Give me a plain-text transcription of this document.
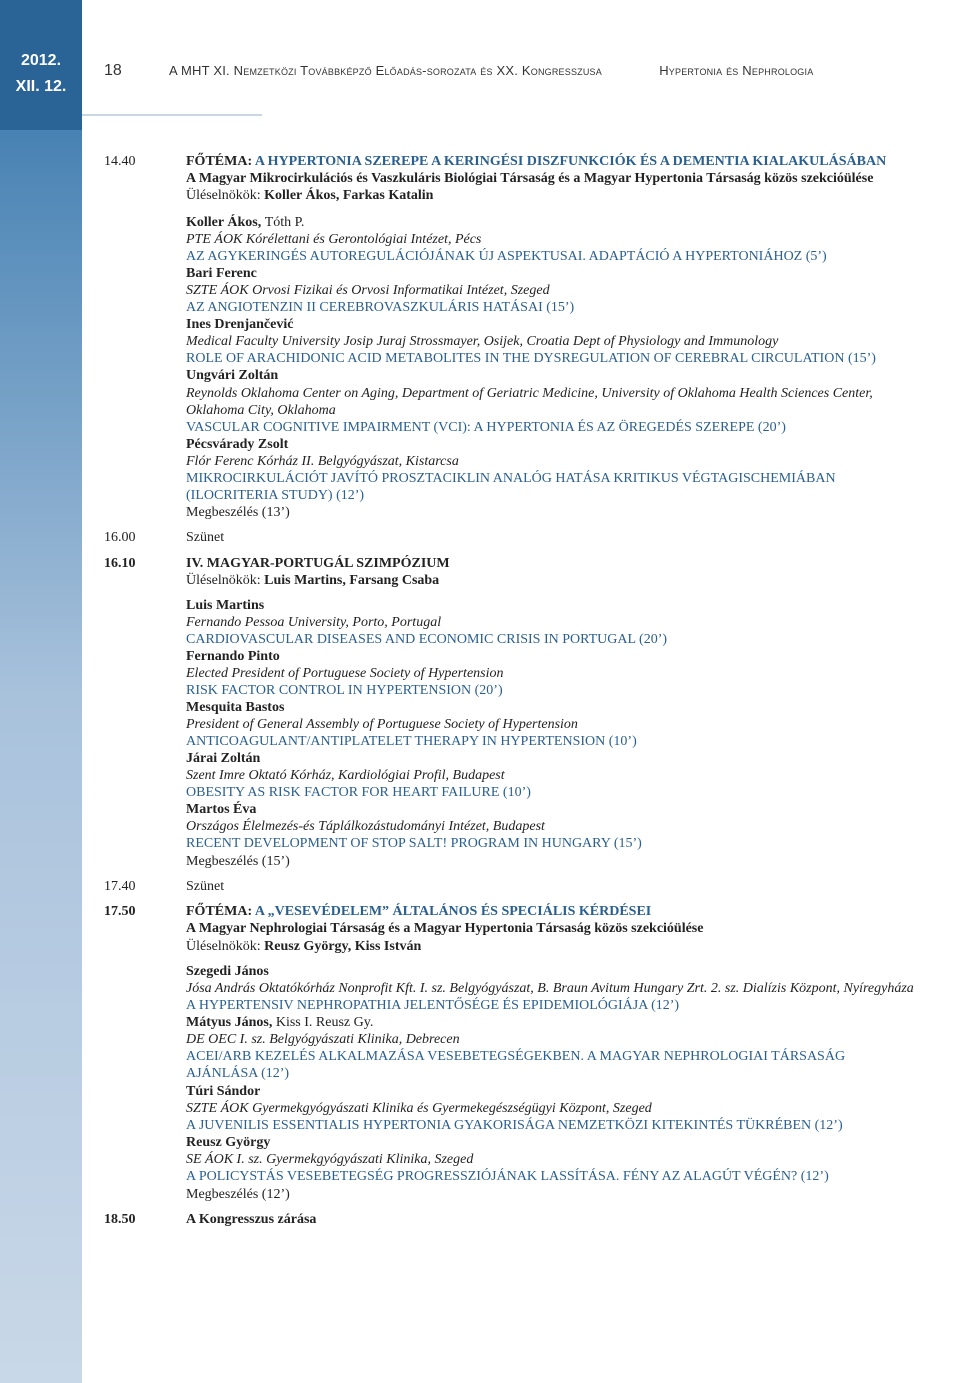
2012.
XII. 12.
18	A MHT XI. Nemzetközi Továbbképző Előadás-sorozata és XX. Kongresszusa	Hypertonia és Nephrologia
14.40	FŐTÉMA: A HYPERTONIA SZEREPE A KERINGÉSI DISZFUNKCIÓK ÉS A DEMENTIA KIALAKULÁSÁBAN
A Magyar Mikrocirkulációs és Vaszkuláris Biológiai Társaság és a Magyar Hypertonia Társaság közös szekcióülése
Üléselnökök: Koller Ákos, Farkas Katalin
Koller Ákos, Tóth P.
PTE ÁOK Kórélettani és Gerontológiai Intézet, Pécs
AZ AGYKERINGÉS AUTOREGULÁCIÓJÁNAK ÚJ ASPEKTUSAI. ADAPTÁCIÓ A HYPERTONIÁHOZ (5’)
Bari Ferenc
SZTE ÁOK Orvosi Fizikai és Orvosi Informatikai Intézet, Szeged
AZ ANGIOTENZIN II CEREBROVASZKULÁRIS HATÁSAI (15’)
Ines Drenjančević
Medical Faculty University Josip Juraj Strossmayer, Osijek, Croatia Dept of Physiology and Immunology
ROLE OF ARACHIDONIC ACID METABOLITES IN THE DYSREGULATION OF CEREBRAL CIRCULATION (15’)
Ungvári Zoltán
Reynolds Oklahoma Center on Aging, Department of Geriatric Medicine, University of Oklahoma Health Sciences Center,
Oklahoma City, Oklahoma
VASCULAR COGNITIVE IMPAIRMENT (VCI): A HYPERTONIA ÉS AZ ÖREGEDÉS SZEREPE (20’)
Pécsvárady Zsolt
Flór Ferenc Kórház II. Belgyógyászat, Kistarcsa
MIKROCIRKULÁCIÓT JAVÍTÓ PROSZTACIKLIN ANALÓG HATÁSA KRITIKUS VÉGTAGISCHEMIÁBAN
(ILOCRITERIA STUDY) (12’)
Megbeszélés (13’)
16.00	Szünet
16.10	IV. MAGYAR-PORTUGÁL SZIMPÓZIUM
Üléselnökök: Luis Martins, Farsang Csaba
Luis Martins
Fernando Pessoa University, Porto, Portugal
CARDIOVASCULAR DISEASES AND ECONOMIC CRISIS IN PORTUGAL (20’)
Fernando Pinto
Elected President of Portuguese Society of Hypertension
RISK FACTOR CONTROL IN HYPERTENSION (20’)
Mesquita Bastos
President of General Assembly of Portuguese Society of Hypertension
ANTICOAGULANT/ANTIPLATELET THERAPY IN HYPERTENSION (10’)
Járai Zoltán
Szent Imre Oktató Kórház, Kardiológiai Profil, Budapest
OBESITY AS RISK FACTOR FOR HEART FAILURE (10’)
Martos Éva
Országos Élelmezés-és Táplálkozástudományi Intézet, Budapest
RECENT DEVELOPMENT OF STOP SALT! PROGRAM IN HUNGARY (15’)
Megbeszélés (15’)
17.40	Szünet
17.50	FŐTÉMA: A „VESEVÉDELEM” ÁLTALÁNOS ÉS SPECIÁLIS KÉRDÉSEI
A Magyar Nephrologiai Társaság és a Magyar Hypertonia Társaság közös szekcióülése
Üléselnökök: Reusz György, Kiss István
Szegedi János
Jósa András Oktatókórház Nonprofit Kft. I. sz. Belgyógyászat, B. Braun Avitum Hungary Zrt. 2. sz. Dialízis Központ, Nyíregyháza
A HYPERTENSIV NEPHROPATHIA JELENTŐSÉGE ÉS EPIDEMIOLÓGIÁJA (12’)
Mátyus János, Kiss I. Reusz Gy.
DE OEC I. sz. Belgyógyászati Klinika, Debrecen
ACEI/ARB KEZELÉS ALKALMAZÁSA VESEBETEGSÉGEKBEN. A MAGYAR NEPHROLOGIAI TÁRSASÁG
AJÁNLÁSA (12’)
Túri Sándor
SZTE ÁOK Gyermekgyógyászati Klinika és Gyermekegészségügyi Központ, Szeged
A JUVENILIS ESSENTIALIS HYPERTONIA GYAKORISÁGA NEMZETKÖZI KITEKINTÉS TÜKRÉBEN (12’)
Reusz György
SE ÁOK I. sz. Gyermekgyógyászati Klinika, Szeged
A POLICYSTÁS VESEBETEGSÉG PROGRESSZIÓJÁNAK LASSÍTÁSA. FÉNY AZ ALAGÚT VÉGÉN? (12’)
Megbeszélés (12’)
18.50	A Kongresszus zárása
